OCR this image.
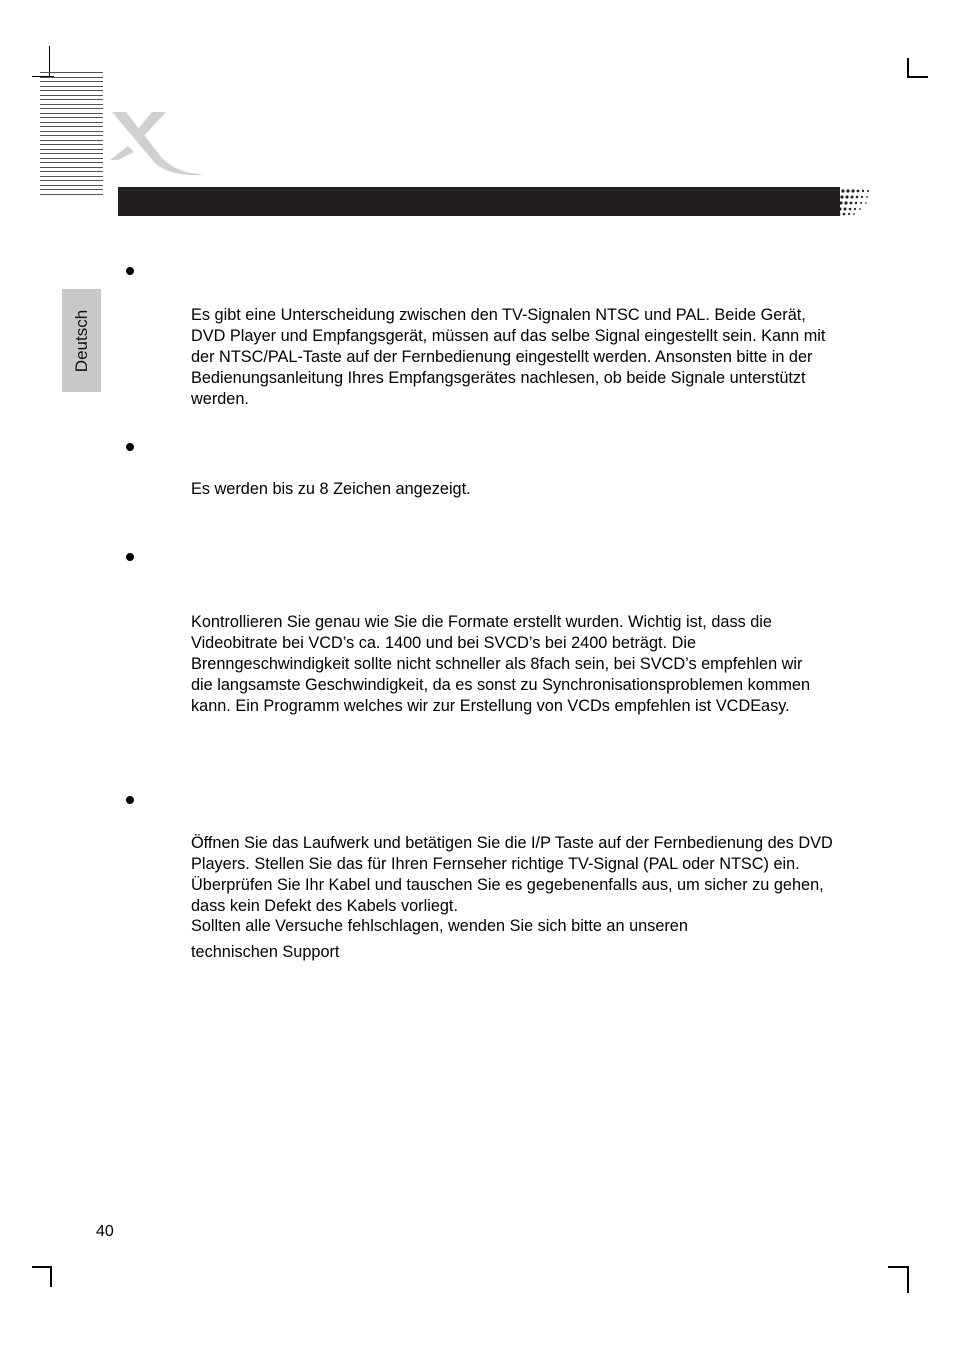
Deutsch	Es gibt eine Unterscheidung zwischen den TV-Signalen NTSC und PAL. Beide Gerät, DVD Player und Empfangsgerät, müssen auf das selbe Signal eingestellt sein. Kann mit der NTSC/PAL-Taste auf der Fernbedienung eingestellt werden. Ansonsten bitte in der Bedienungsanleitung Ihres Empfangsgerätes nachlesen, ob beide Signale unterstützt werden.

Es werden bis zu 8 Zeichen angezeigt.

Kontrollieren Sie genau wie Sie die Formate erstellt wurden. Wichtig ist, dass die Videobitrate bei VCD’s ca. 1400 und bei SVCD’s bei 2400 beträgt. Die Brenngeschwindigkeit sollte nicht schneller als 8fach sein, bei SVCD’s empfehlen wir die langsamste Geschwindigkeit, da es sonst zu Synchronisationsproblemen kommen kann. Ein Programm welches wir zur Erstellung von VCDs empfehlen ist VCDEasy.

Öffnen Sie das Laufwerk und betätigen Sie die I/P Taste auf der Fernbedienung des DVD Players. Stellen Sie das für Ihren Fernseher richtige TV-Signal (PAL oder NTSC) ein. Überprüfen Sie Ihr Kabel und tauschen Sie es gegebenenfalls aus, um sicher zu gehen, dass kein Defekt des Kabels vorliegt.

Sollten alle Versuche fehlschlagen, wenden Sie sich bitte an unseren

technischen Support

40
